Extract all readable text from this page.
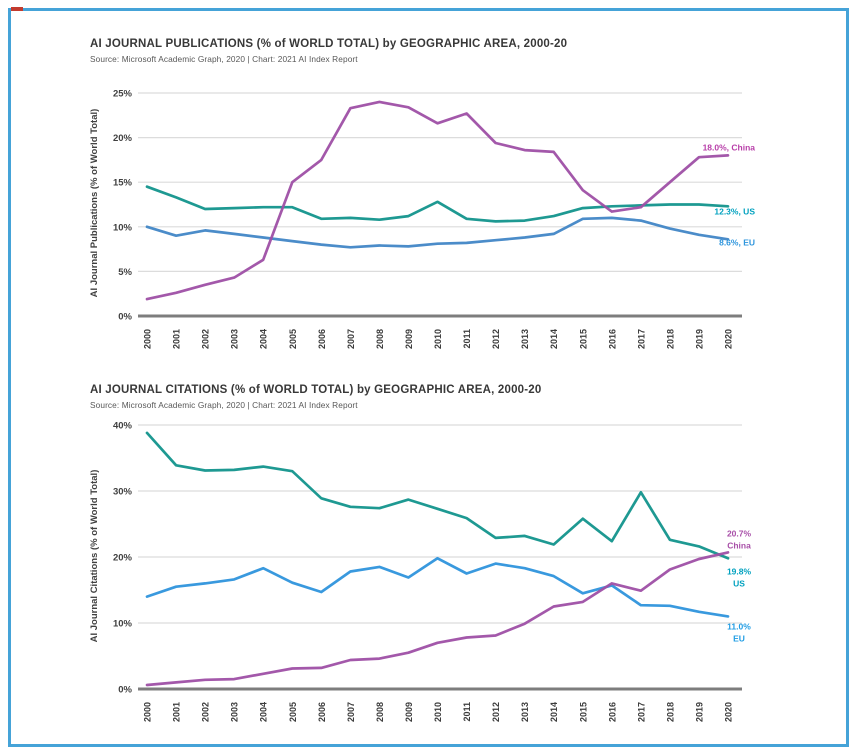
AI JOURNAL PUBLICATIONS (% of WORLD TOTAL) by GEOGRAPHIC AREA, 2000-20
Source: Microsoft Academic Graph, 2020 | Chart: 2021 AI Index Report
0%
5%
10%
15%
20%
25%
AI Journal Publications (% of World Total)
2000 2001 2002 2003 2004 2005 2006 2007 2008 2009 2010 2011 2012 2013 2014 2015 2016 2017 2018 2019 2020
8.6%, EU
12.3%, US
18.0%, China
AI JOURNAL CITATIONS (% of WORLD TOTAL) by GEOGRAPHIC AREA, 2000-20
Source: Microsoft Academic Graph, 2020 | Chart: 2021 AI Index Report
0%
10%
20%
30%
40%
AI Journal Citations (% of World Total)
2000 2001 2002 2003 2004 2005 2006 2007 2008 2009 2010 2011 2012 2013 2014 2015 2016 2017 2018 2019 2020
11.0%
EU
19.8%
US
20.7%
China
